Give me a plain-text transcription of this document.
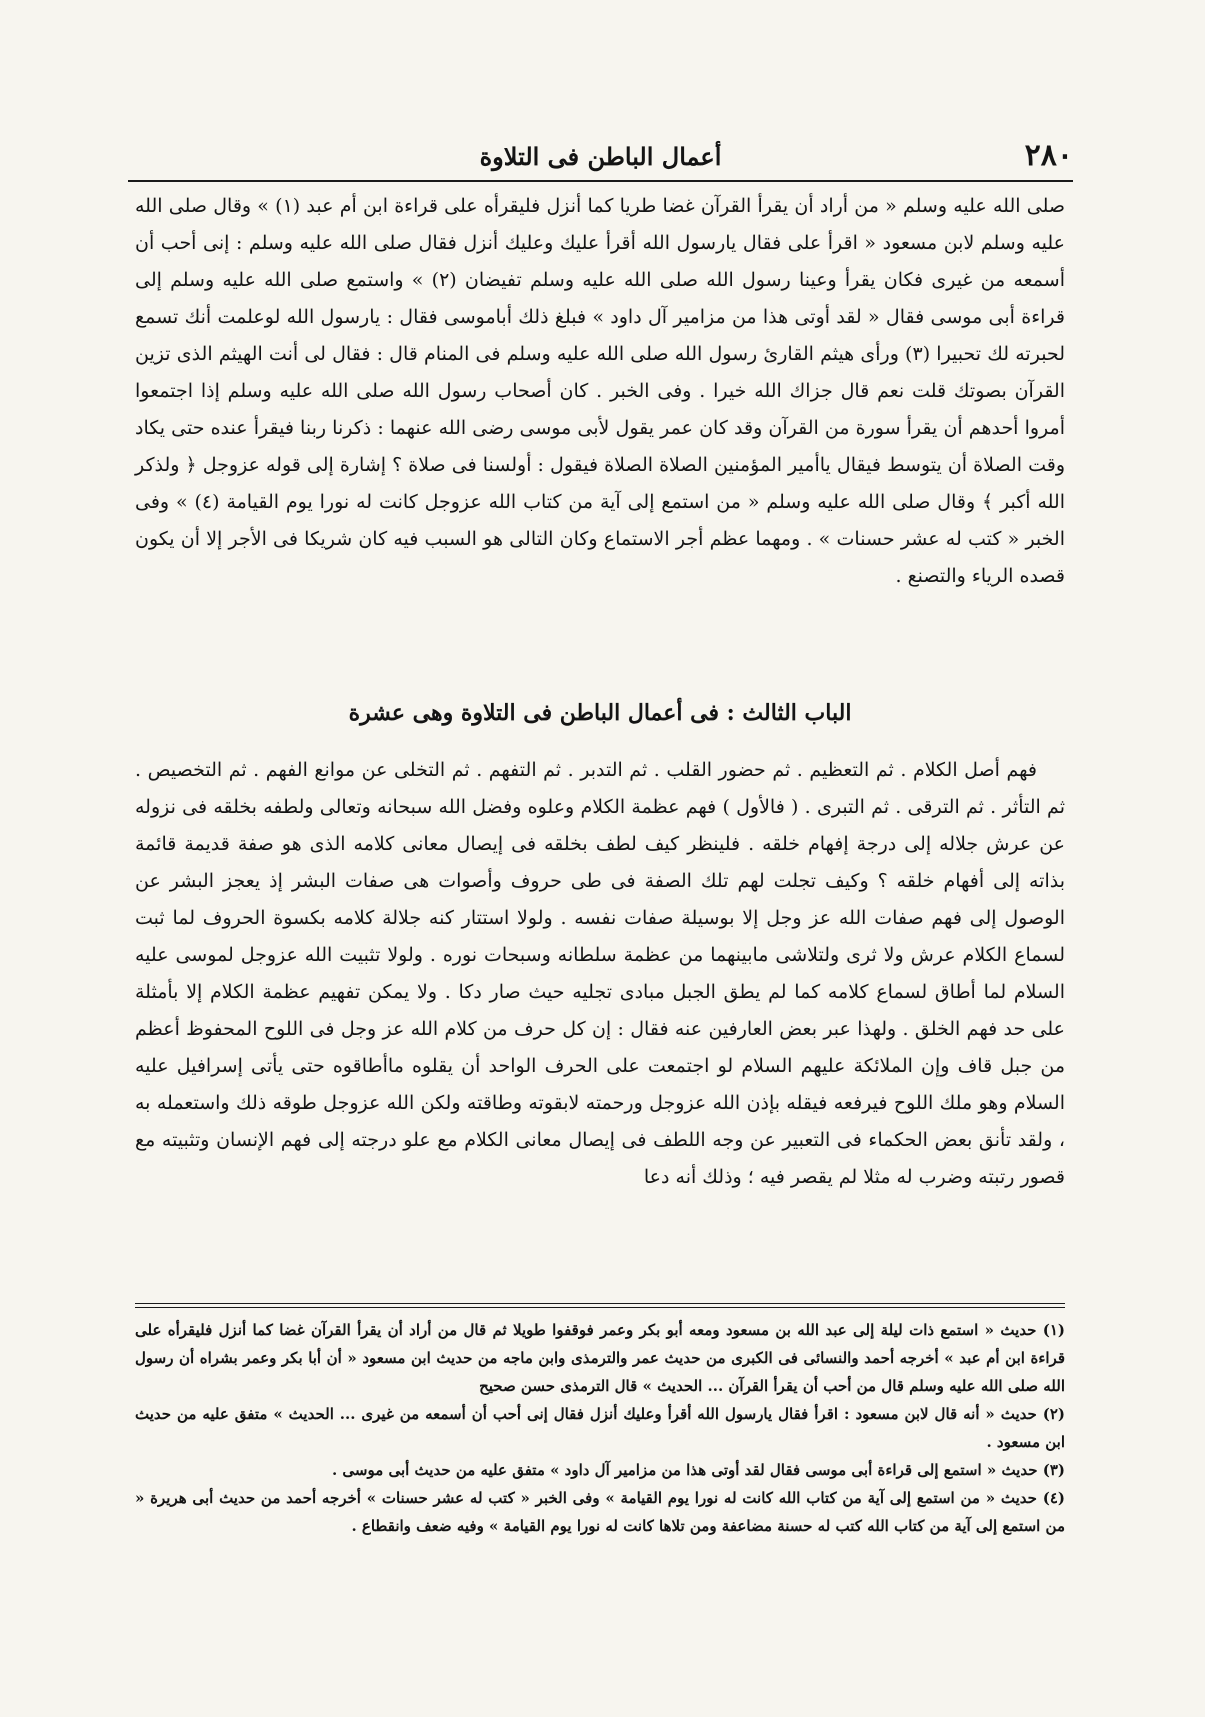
٢٨٠
أعمال الباطن فى التلاوة

صلى الله عليه وسلم « من أراد أن يقرأ القرآن غضا طريا كما أنزل فليقرأه على قراءة ابن أم عبد (١) » وقال صلى الله عليه وسلم لابن مسعود « اقرأ على فقال يارسول الله أقرأ عليك وعليك أنزل فقال صلى الله عليه وسلم : إنى أحب أن أسمعه من غيرى فكان يقرأ وعينا رسول الله صلى الله عليه وسلم تفيضان (٢) » واستمع صلى الله عليه وسلم إلى قراءة أبى موسى فقال « لقد أوتى هذا من مزامير آل داود » فبلغ ذلك أباموسى فقال : يارسول الله لوعلمت أنك تسمع لحبرته لك تحبيرا (٣) ورأى هيثم القارئ رسول الله صلى الله عليه وسلم فى المنام قال : فقال لى أنت الهيثم الذى تزين القرآن بصوتك قلت نعم قال جزاك الله خيرا . وفى الخبر . كان أصحاب رسول الله صلى الله عليه وسلم إذا اجتمعوا أمروا أحدهم أن يقرأ سورة من القرآن وقد كان عمر يقول لأبى موسى رضى الله عنهما : ذكرنا ربنا فيقرأ عنده حتى يكاد وقت الصلاة أن يتوسط فيقال ياأمير المؤمنين الصلاة الصلاة فيقول : أولسنا فى صلاة ؟ إشارة إلى قوله عزوجل ﴿ ولذكر الله أكبر ﴾ وقال صلى الله عليه وسلم « من استمع إلى آية من كتاب الله عزوجل كانت له نورا يوم القيامة (٤) » وفى الخبر « كتب له عشر حسنات » . ومهما عظم أجر الاستماع وكان التالى هو السبب فيه كان شريكا فى الأجر إلا أن يكون قصده الرياء والتصنع .

الباب الثالث : فى أعمال الباطن فى التلاوة وهى عشرة

فهم أصل الكلام . ثم التعظيم . ثم حضور القلب . ثم التدبر . ثم التفهم . ثم التخلى عن موانع الفهم . ثم التخصيص . ثم التأثر . ثم الترقى . ثم التبرى . ( فالأول ) فهم عظمة الكلام وعلوه وفضل الله سبحانه وتعالى ولطفه بخلقه فى نزوله عن عرش جلاله إلى درجة إفهام خلقه . فلينظر كيف لطف بخلقه فى إيصال معانى كلامه الذى هو صفة قديمة قائمة بذاته إلى أفهام خلقه ؟ وكيف تجلت لهم تلك الصفة فى طى حروف وأصوات هى صفات البشر إذ يعجز البشر عن الوصول إلى فهم صفات الله عز وجل إلا بوسيلة صفات نفسه . ولولا استتار كنه جلالة كلامه بكسوة الحروف لما ثبت لسماع الكلام عرش ولا ثرى ولتلاشى مابينهما من عظمة سلطانه وسبحات نوره . ولولا تثبيت الله عزوجل لموسى عليه السلام لما أطاق لسماع كلامه كما لم يطق الجبل مبادى تجليه حيث صار دكا . ولا يمكن تفهيم عظمة الكلام إلا بأمثلة على حد فهم الخلق . ولهذا عبر بعض العارفين عنه فقال : إن كل حرف من كلام الله عز وجل فى اللوح المحفوظ أعظم من جبل قاف وإن الملائكة عليهم السلام لو اجتمعت على الحرف الواحد أن يقلوه ماأطاقوه حتى يأتى إسرافيل عليه السلام وهو ملك اللوح فيرفعه فيقله بإذن الله عزوجل ورحمته لابقوته وطاقته ولكن الله عزوجل طوقه ذلك واستعمله به ، ولقد تأنق بعض الحكماء فى التعبير عن وجه اللطف فى إيصال معانى الكلام مع علو درجته إلى فهم الإنسان وتثبيته مع قصور رتبته وضرب له مثلا لم يقصر فيه ؛ وذلك أنه دعا

(١) حديث « استمع ذات ليلة إلى عبد الله بن مسعود ومعه أبو بكر وعمر فوقفوا طويلا ثم قال من أراد أن يقرأ القرآن غضا كما أنزل فليقرأه على قراءة ابن أم عبد » أخرجه أحمد والنسائى فى الكبرى من حديث عمر والترمذى وابن ماجه من حديث ابن مسعود « أن أبا بكر وعمر بشراه أن رسول الله صلى الله عليه وسلم قال من أحب أن يقرأ القرآن ... الحديث » قال الترمذى حسن صحيح

(٢) حديث « أنه قال لابن مسعود : اقرأ فقال يارسول الله أقرأ وعليك أنزل فقال إنى أحب أن أسمعه من غيرى ... الحديث » متفق عليه من حديث ابن مسعود .

(٣) حديث « استمع إلى قراءة أبى موسى فقال لقد أوتى هذا من مزامير آل داود » متفق عليه من حديث أبى موسى .

(٤) حديث « من استمع إلى آية من كتاب الله كانت له نورا يوم القيامة » وفى الخبر « كتب له عشر حسنات » أخرجه أحمد من حديث أبى هريرة « من استمع إلى آية من كتاب الله كتب له حسنة مضاعفة ومن تلاها كانت له نورا يوم القيامة » وفيه ضعف وانقطاع .
